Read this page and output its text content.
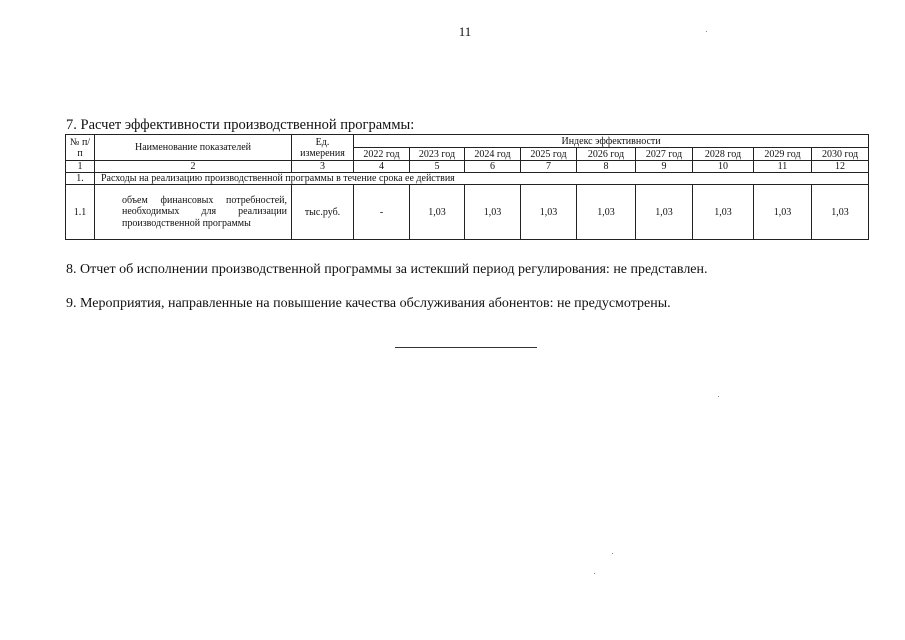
11
7. Расчет эффективности производственной программы:
№ п/п	Наименование показателей	Ед. измерения	Индекс эффективности								
			2022 год	2023 год	2024 год	2025 год	2026 год	2027 год	2028 год	2029 год	2030 год
1	2	3	4	5	6	7	8	9	10	11	12
1.	Расходы на реализацию производственной программы в течение срока ее действия										
1.1	объем финансовых потребностей, необходимых для реализации производственной программы	тыс.руб.	-	1,03	1,03	1,03	1,03	1,03	1,03	1,03	1,03
8. Отчет об исполнении производственной программы за истекший период регулирования: не представлен.
9. Мероприятия, направленные на повышение качества обслуживания абонентов: не предусмотрены.
